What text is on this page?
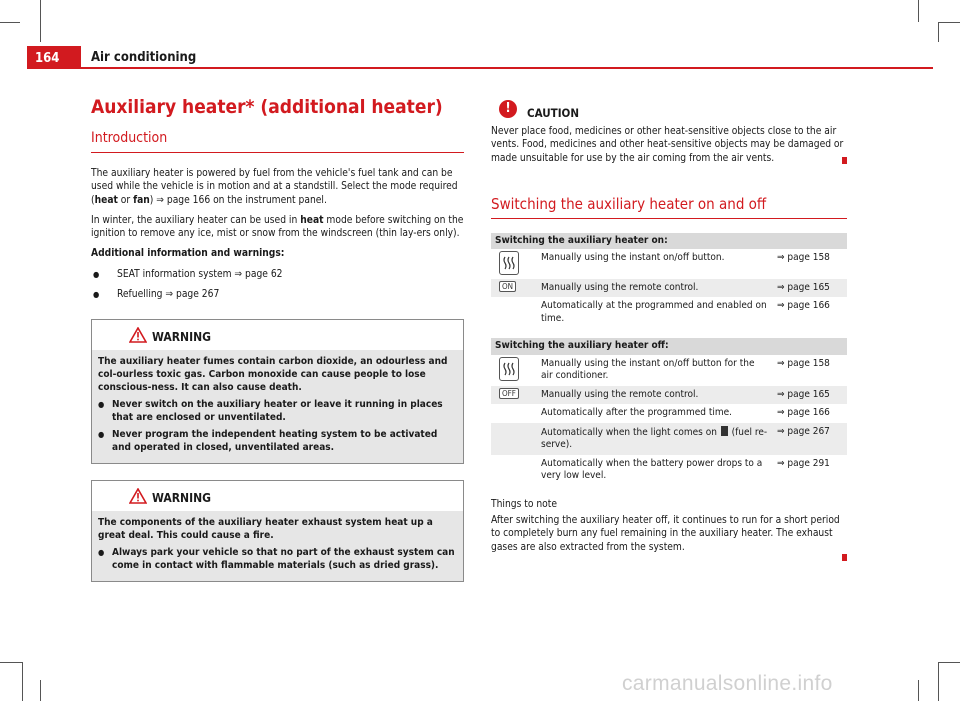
164	Air conditioning
Auxiliary heater* (additional heater)
Introduction

The auxiliary heater is powered by fuel from the vehicle's fuel tank and can be used while the vehicle is in motion and at a standstill. Select the mode required (heat or fan) ⇒ page 166 on the instrument panel.

In winter, the auxiliary heater can be used in heat mode before switching on the ignition to remove any ice, mist or snow from the windscreen (thin lay-ers only).

Additional information and warnings:

● SEAT information system ⇒ page 62
● Refuelling ⇒ page 267
WARNING

The auxiliary heater fumes contain carbon dioxide, an odourless and col-ourless toxic gas. Carbon monoxide can cause people to lose conscious-ness. It can also cause death.

● Never switch on the auxiliary heater or leave it running in places that are enclosed or unventilated.
● Never program the independent heating system to be activated and operated in closed, unventilated areas.
WARNING

The components of the auxiliary heater exhaust system heat up a great deal. This could cause a fire.

● Always park your vehicle so that no part of the exhaust system can come in contact with flammable materials (such as dried grass).
!	CAUTION

Never place food, medicines or other heat-sensitive objects close to the air vents. Food, medicines and other heat-sensitive objects may be damaged or made unsuitable for use by the air coming from the air vents.

Switching the auxiliary heater on and off
Switching the auxiliary heater on:		
	Manually using the instant on/off button.	⇒ page 158
ON	Manually using the remote control.	⇒ page 165
	Automatically at the programmed and enabled on time.	⇒ page 166
Switching the auxiliary heater off:		
	Manually using the instant on/off button for the air conditioner.	⇒ page 158
OFF	Manually using the remote control.	⇒ page 165
	Automatically after the programmed time.	⇒ page 166
	Automatically when the light comes on  (fuel re-serve).	⇒ page 267
	Automatically when the battery power drops to a very low level.	⇒ page 291

Things to note

After switching the auxiliary heater off, it continues to run for a short period to completely burn any fuel remaining in the auxiliary heater. The exhaust gases are also extracted from the system.

carmanualsonline.info
